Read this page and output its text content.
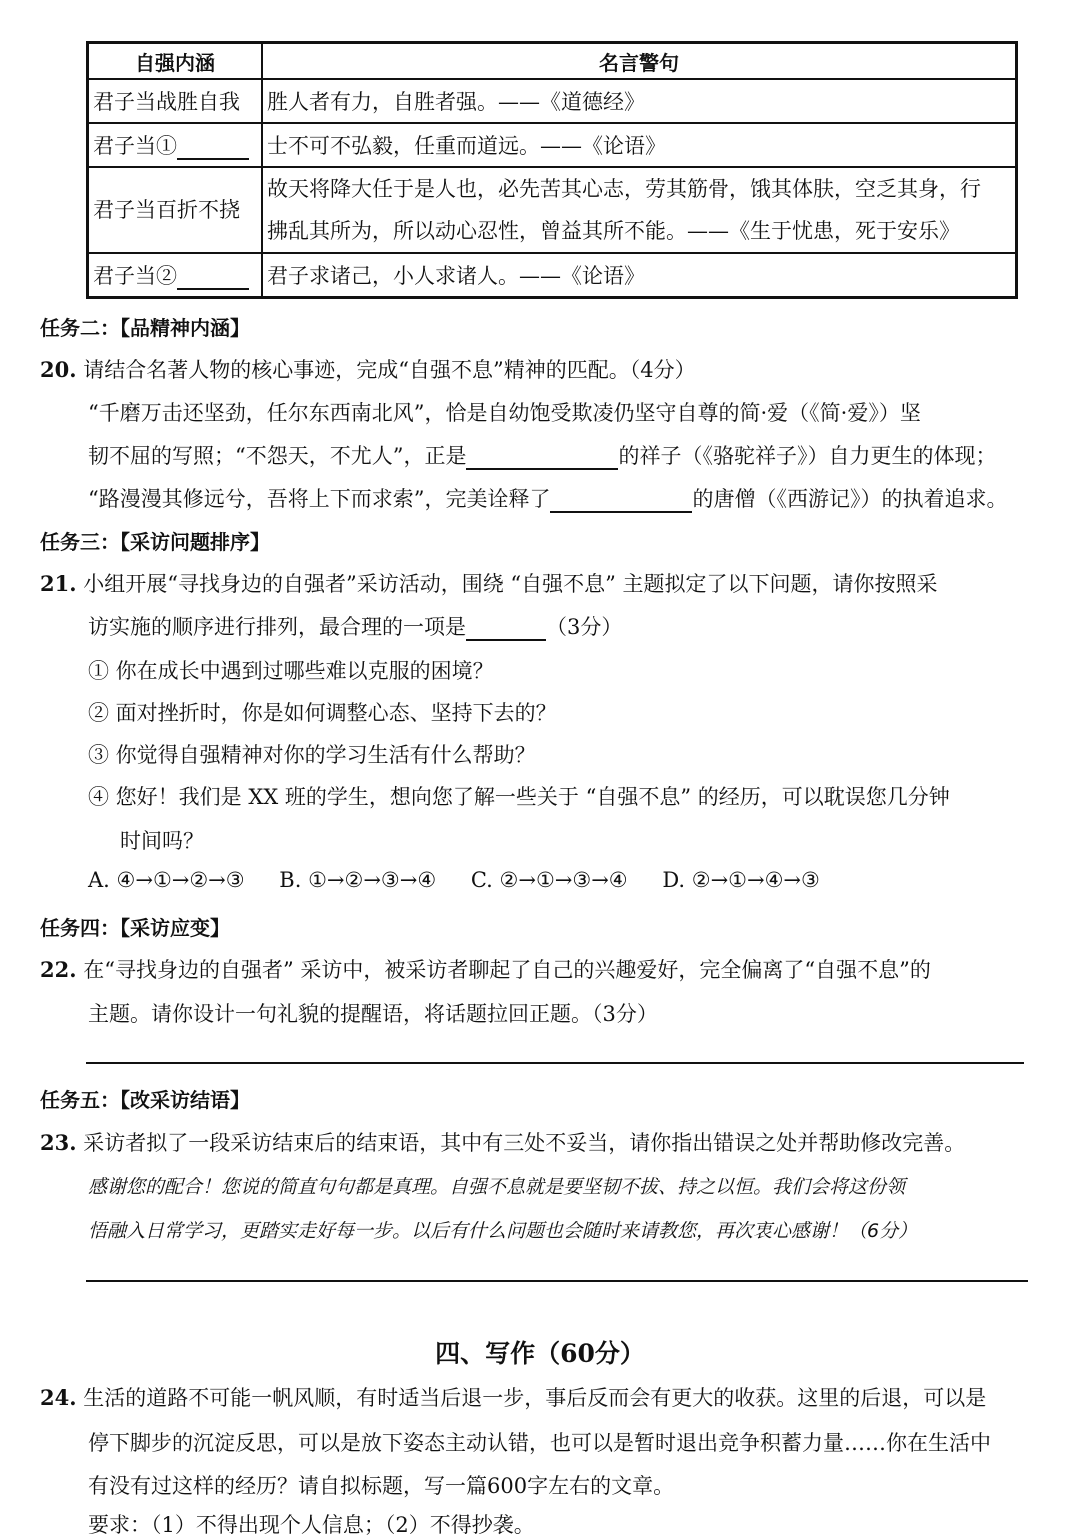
自强内涵	名言警句
君子当战胜自我	胜人者有力，自胜者强。——《道德经》
君子当①	士不可不弘毅，任重而道远。——《论语》
君子当百折不挠	故天将降大任于是人也，必先苦其心志，劳其筋骨，饿其体肤，空乏其身，行
拂乱其所为，所以动心忍性，曾益其所不能。——《生于忧患，死于安乐》

君子当②	君子求诸己，小人求诸人。——《论语》
任务二：【品精神内涵】
20. 请结合名著人物的核心事迹，完成“自强不息”精神的匹配。（4分）
“千磨万击还坚劲，任尔东西南北风”，恰是自幼饱受欺凌仍坚守自尊的简·爱（《简·爱》）坚
韧不屈的写照；“不怨天，不尤人”，正是	的祥子（《骆驼祥子》）自力更生的体现；
“路漫漫其修远兮，吾将上下而求索”，完美诠释了	的唐僧（《西游记》）的执着追求。
任务三：【采访问题排序】
21. 小组开展“寻找身边的自强者”采访活动，围绕 “自强不息” 主题拟定了以下问题，请你按照采
访实施的顺序进行排列，最合理的一项是	（3分）
① 你在成长中遇到过哪些难以克服的困境？
② 面对挫折时，你是如何调整心态、坚持下去的？
③ 你觉得自强精神对你的学习生活有什么帮助？
④ 您好！我们是 XX 班的学生，想向您了解一些关于 “自强不息” 的经历，可以耽误您几分钟
时间吗？
A. ④→①→②→③ B. ①→②→③→④ C. ②→①→③→④ D. ②→①→④→③
任务四：【采访应变】
22. 在“寻找身边的自强者” 采访中，被采访者聊起了自己的兴趣爱好，完全偏离了“自强不息”的
主题。请你设计一句礼貌的提醒语，将话题拉回正题。（3分）
任务五：【改采访结语】
23. 采访者拟了一段采访结束后的结束语，其中有三处不妥当，请你指出错误之处并帮助修改完善。
感谢您的配合！您说的简直句句都是真理。自强不息就是要坚韧不拔、持之以恒。我们会将这份领
悟融入日常学习，更踏实走好每一步。以后有什么问题也会随时来请教您，再次衷心感谢！（6分）
四、写作（60分）
24. 生活的道路不可能一帆风顺，有时适当后退一步，事后反而会有更大的收获。这里的后退，可以是
停下脚步的沉淀反思，可以是放下姿态主动认错，也可以是暂时退出竞争积蓄力量……你在生活中
有没有过这样的经历？请自拟标题，写一篇600字左右的文章。
要求：（1）不得出现个人信息；（2）不得抄袭。
